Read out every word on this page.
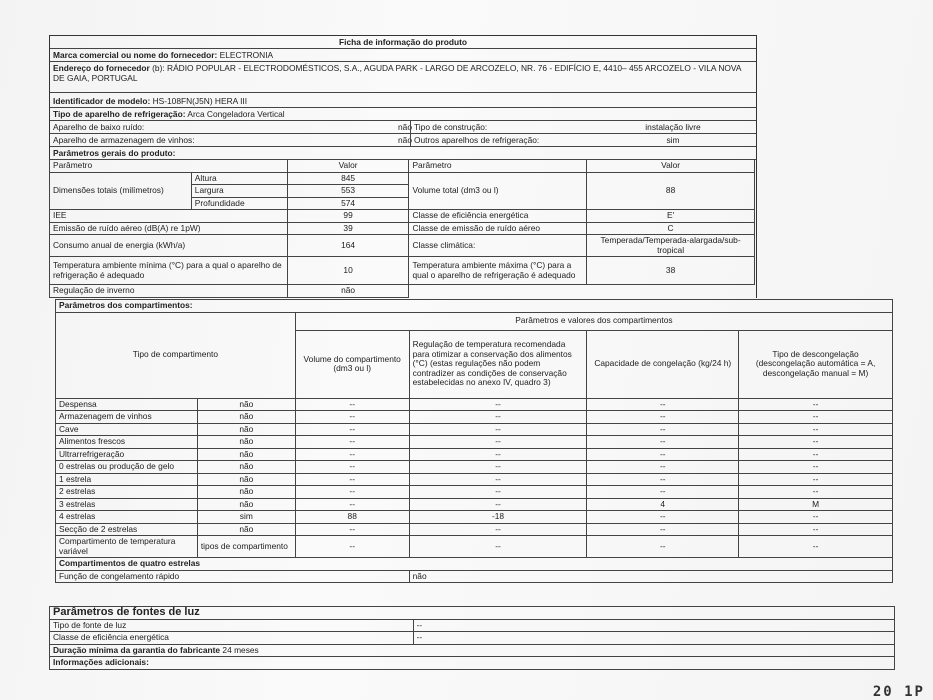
Ficha de informação do produto
Marca comercial ou nome do fornecedor: ELECTRONIA
Endereço do fornecedor (b): RÁDIO POPULAR - ELECTRODOMÉSTICOS, S.A., AGUDA PARK - LARGO DE ARCOZELO, NR. 76 - EDIFÍCIO E, 4410– 455 ARCOZELO - VILA NOVA DE GAIA, PORTUGAL
Identificador de modelo: HS-108FN(J5N) HERA III
Tipo de aparelho de refrigeração: Arca Congeladora Vertical
Aparelho de baixo ruído:	não Tipo de construção:	instalação livre
Aparelho de armazenagem de vinhos:	não Outros aparelhos de refrigeração:	sim
Parâmetros gerais do produto:
Parâmetro		Valor	Parâmetro	Valor
Dimensões totais (milímetros)	Altura	845	Volume total (dm3 ou l)	88
	Largura	553		
	Profundidade	574		
IEE		99	Classe de eficiência energética	E'
Emissão de ruído aéreo (dB(A) re 1pW)		39	Classe de emissão de ruído aéreo	C
Consumo anual de energia (kWh/a)		164	Classe climática:	Temperada/Temperada-alargada/sub-tropical
Temperatura ambiente mínima (°C) para a qual o aparelho de refrigeração é adequado		10	Temperatura ambiente máxima (°C) para a qual o aparelho de refrigeração é adequado	38
Regulação de inverno		não		
Parâmetros dos compartimentos:					
Tipo de compartimento		Parâmetros e valores dos compartimentos			
		Volume do compartimento (dm3 ou l)	Regulação de temperatura recomendada para otimizar a conservação dos alimentos (°C) (estas regulações não podem contradizer as condições de conservação estabelecidas no anexo IV, quadro 3)	Capacidade de congelação (kg/24 h)	Tipo de descongelação (descongelação automática = A, descongelação manual = M)
Despensa	não	--	--	--	--
Armazenagem de vinhos	não	--	--	--	--
Cave	não	--	--	--	--
Alimentos frescos	não	--	--	--	--
Ultrarrefrigeração	não	--	--	--	--
0 estrelas ou produção de gelo	não	--	--	--	--
1 estrela	não	--	--	--	--
2 estrelas	não	--	--	--	--
3 estrelas	não	--	--	4	M
4 estrelas	sim	88	-18	--	--
Secção de 2 estrelas	não	--	--	--	--
Compartimento de temperatura variável	tipos de compartimento	--	--	--	--
Compartimentos de quatro estrelas					
Função de congelamento rápido			não		
Parâmetros de fontes de luz	
Tipo de fonte de luz	--
Classe de eficiência energética	--
Duração mínima da garantia do fabricante 24 meses	
Informações adicionais:	
20 1P
